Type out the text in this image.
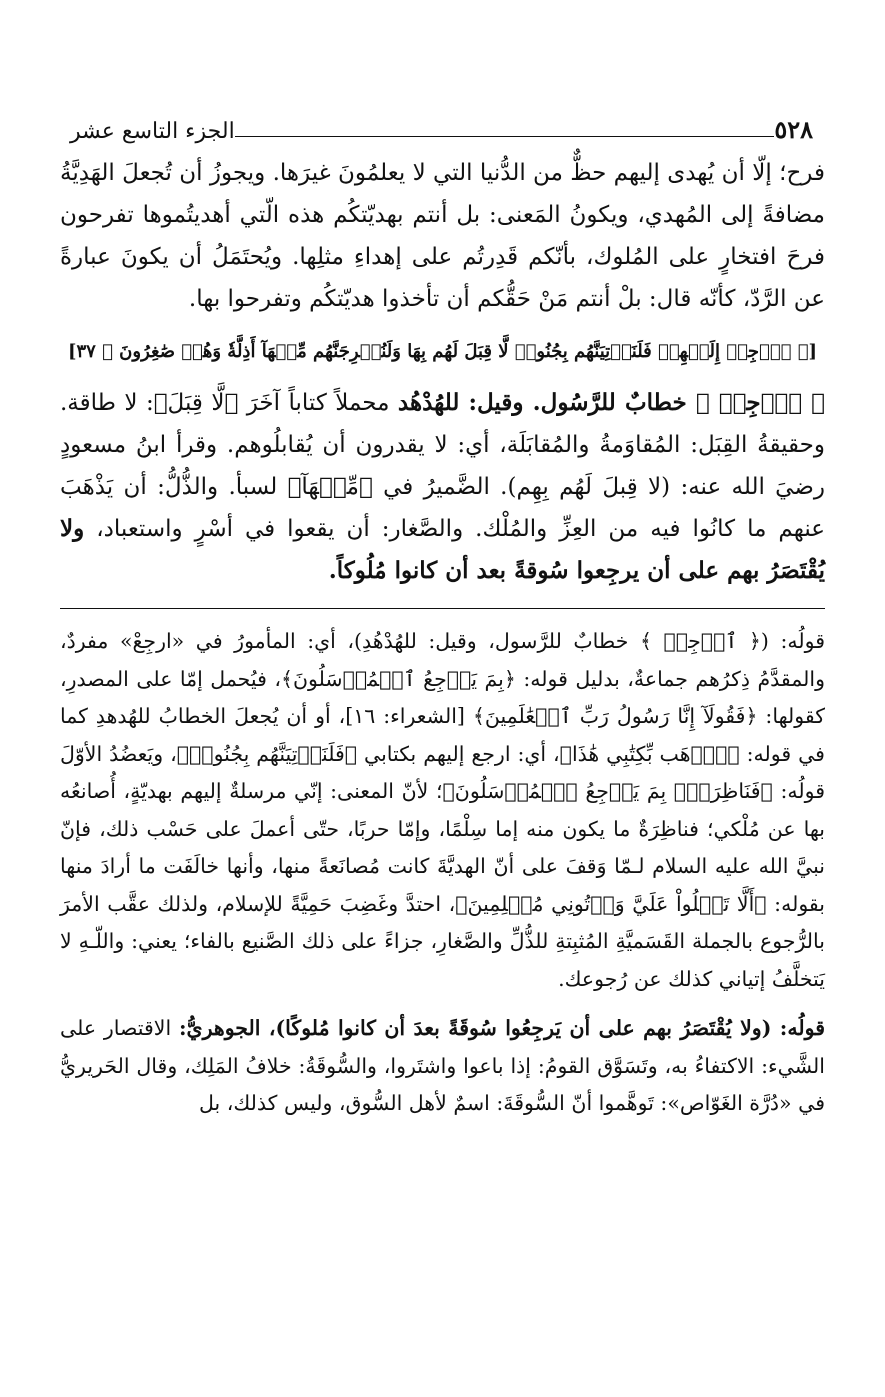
٥٢٨
الجزء التاسع عشر

فرح؛ إلّا أن يُهدى إليهم حظٌّ من الدُّنيا التي لا يعلمُونَ غيرَها. ويجوزُ أن تُجعلَ الهَدِيَّةُ مضافةً إلى المُهدي، ويكونُ المَعنى: بل أنتم بهديّتكُم هذه الّتي أهديتُموها تفرحون فرحَ افتخارٍ على المُلوك، بأنّكم قَدِرتُم على إهداءِ مثلِها. ويُحتَمَلُ أن يكونَ عبارةً عن الرَّدّ، كأنّه قال: بلْ أنتم مَنْ حَقُّكم أن تأخذوا هديّتكُم وتفرحوا بها.

[﴿ ٱرۡجِعۡ إِلَيۡهِمۡ فَلَنَأۡتِيَنَّهُم بِجُنُودٖ لَّا قِبَلَ لَهُم بِهَا وَلَنُخۡرِجَنَّهُم مِّنۡهَآ أَذِلَّةٗ وَهُمۡ صَٰغِرُونَ ﴾ ٣٧]

﴿ ٱرۡجِعۡ ﴾ خطابٌ للرَّسُول. وقيل: للهُدْهُد محملاً كتاباً آخَرَ ﴿لَّا قِبَلَ﴾: لا طاقة. وحقيقةُ القِبَل: المُقاوَمةُ والمُقابَلَة، أي: لا يقدرون أن يُقابلُوهم. وقرأ ابنُ مسعودٍ رضيَ الله عنه: (لا قِبلَ لَهُم بِهِم). الضَّميرُ في ﴿مِّنۡهَآ﴾ لسبأ. والذُّلُّ: أن يَذْهَبَ عنهم ما كانُوا فيه من العِزِّ والمُلْك. والصَّغار: أن يقعوا في أسْرٍ واستعباد، ولا يُقْتَصَرُ بهم على أن يرجِعوا سُوقةً بعد أن كانوا مُلُوكاً.

قولُه: (﴿ ٱرۡجِعۡ ﴾ خطابٌ للرَّسول، وقيل: للهُدْهُدِ)، أي: المأمورُ في «ارجِعْ» مفردٌ، والمقدَّمُ ذِكرُهم جماعةٌ، بدليل قوله: ﴿بِمَ يَرۡجِعُ ٱلۡمُرۡسَلُونَ﴾، فيُحمل إمّا على المصدرِ، كقولها: ﴿فَقُولَآ إِنَّا رَسُولُ رَبِّ ٱلۡعَٰلَمِينَ﴾ [الشعراء: ١٦]، أو أن يُجعلَ الخطابُ للهُدهدِ كما في قوله: ﴿ٱذۡهَب بِّكِتَٰبِي هَٰذَا﴾، أي: ارجع إليهم بكتابي ﴿فَلَنَأۡتِيَنَّهُم بِجُنُودٖ﴾، ويَعضُدُ الأوّلَ قولُه: ﴿فَنَاظِرَةُۢ بِمَ يَرۡجِعُ ٱلۡمُرۡسَلُونَ﴾؛ لأنّ المعنى: إنّي مرسلةٌ إليهم بهديّةٍ، أُصانعُه بها عن مُلْكي؛ فناظِرَةٌ ما يكون منه إما سِلْمًا، وإمّا حربًا، حتّى أعملَ على حَسْب ذلك، فإنّ نبيَّ الله عليه السلام لـمّا وَقفَ على أنّ الهديَّةَ كانت مُصانَعةً منها، وأنها خالَفَت ما أرادَ منها بقوله: ﴿أَلَّا تَعۡلُواْ عَلَيَّ وَأۡتُونِي مُسۡلِمِينَ﴾، احتدَّ وغَضِبَ حَمِيَّةً للإسلام، ولذلك عقَّب الأمرَ بالرُّجوع بالجملة القَسَميَّةِ المُثبِتةِ للذُّلِّ والصَّغارِ، جزاءً على ذلك الصَّنيع بالفاء؛ يعني: واللّـهِ لا يَتخلَّفُ إتياني كذلك عن رُجوعك.

قولُه: (ولا يُقْتَصَرُ بهم على أن يَرجِعُوا سُوقَةً بعدَ أن كانوا مُلوكًا)، الجوهريُّ: الاقتصار على الشَّيء: الاكتفاءُ به، وتَسَوَّق القومُ: إذا باعوا واشتَروا، والسُّوقَةُ: خلافُ المَلِك، وقال الحَريريُّ في «دُرَّة الغَوّاص»: تَوهَّموا أنّ السُّوقَةَ: اسمٌ لأهل السُّوق، وليس كذلك، بل
